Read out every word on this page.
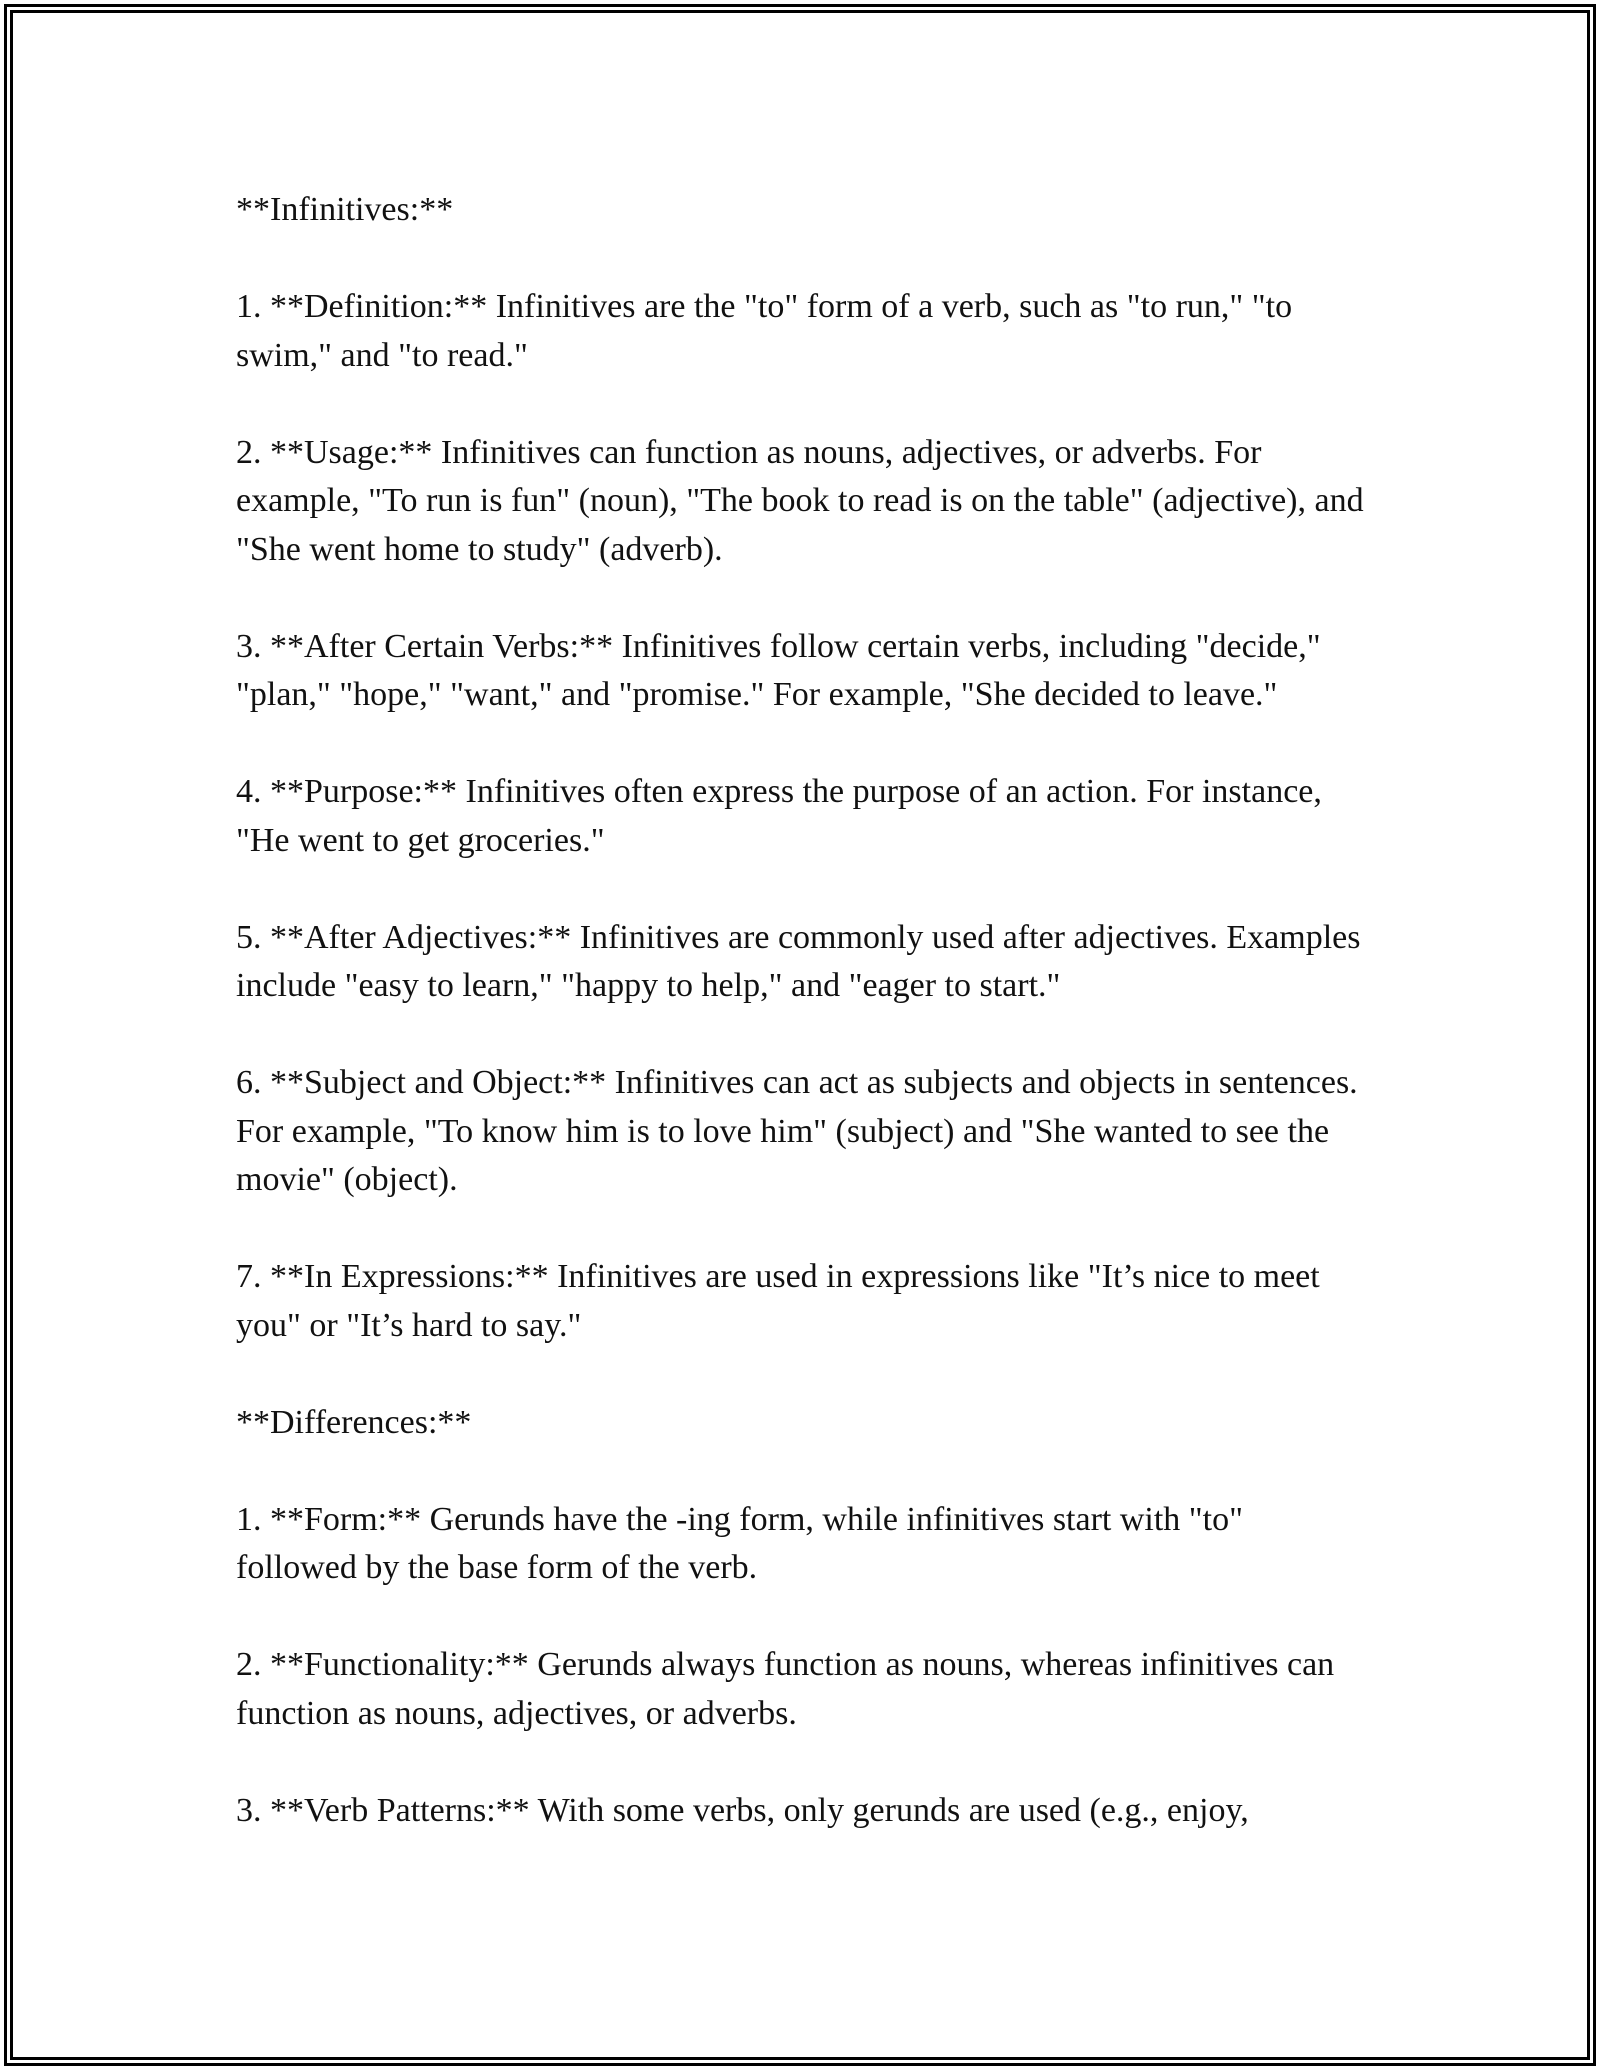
**Infinitives:**

1. **Definition:** Infinitives are the "to" form of a verb, such as "to run," "to swim," and "to read."

2. **Usage:** Infinitives can function as nouns, adjectives, or adverbs. For example, "To run is fun" (noun), "The book to read is on the table" (adjective), and "She went home to study" (adverb).

3. **After Certain Verbs:** Infinitives follow certain verbs, including "decide," "plan," "hope," "want," and "promise." For example, "She decided to leave."

4. **Purpose:** Infinitives often express the purpose of an action. For instance, "He went to get groceries."

5. **After Adjectives:** Infinitives are commonly used after adjectives. Examples include "easy to learn," "happy to help," and "eager to start."

6. **Subject and Object:** Infinitives can act as subjects and objects in sentences. For example, "To know him is to love him" (subject) and "She wanted to see the movie" (object).

7. **In Expressions:** Infinitives are used in expressions like "It’s nice to meet you" or "It’s hard to say."

**Differences:**

1. **Form:** Gerunds have the -ing form, while infinitives start with "to" followed by the base form of the verb.

2. **Functionality:** Gerunds always function as nouns, whereas infinitives can function as nouns, adjectives, or adverbs.

3. **Verb Patterns:** With some verbs, only gerunds are used (e.g., enjoy,
